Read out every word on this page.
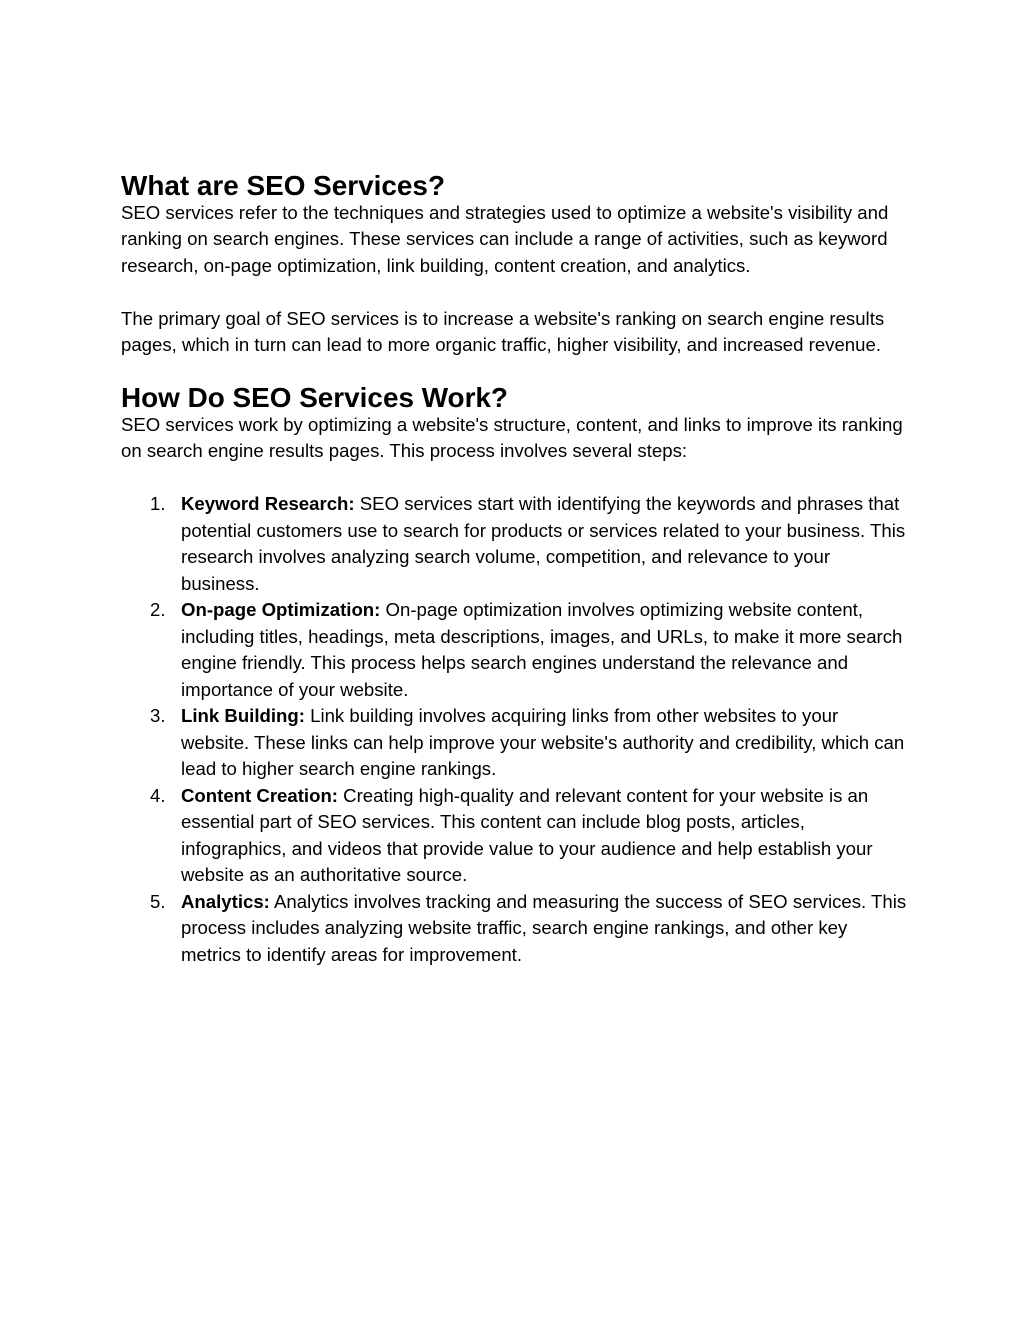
What are SEO Services?

SEO services refer to the techniques and strategies used to optimize a website's visibility and ranking on search engines. These services can include a range of activities, such as keyword research, on-page optimization, link building, content creation, and analytics.

The primary goal of SEO services is to increase a website's ranking on search engine results pages, which in turn can lead to more organic traffic, higher visibility, and increased revenue.

How Do SEO Services Work?

SEO services work by optimizing a website's structure, content, and links to improve its ranking on search engine results pages. This process involves several steps:

1. Keyword Research: SEO services start with identifying the keywords and phrases that potential customers use to search for products or services related to your business. This research involves analyzing search volume, competition, and relevance to your business.
2. On-page Optimization: On-page optimization involves optimizing website content, including titles, headings, meta descriptions, images, and URLs, to make it more search engine friendly. This process helps search engines understand the relevance and importance of your website.
3. Link Building: Link building involves acquiring links from other websites to your website. These links can help improve your website's authority and credibility, which can lead to higher search engine rankings.
4. Content Creation: Creating high-quality and relevant content for your website is an essential part of SEO services. This content can include blog posts, articles, infographics, and videos that provide value to your audience and help establish your website as an authoritative source.
5. Analytics: Analytics involves tracking and measuring the success of SEO services. This process includes analyzing website traffic, search engine rankings, and other key metrics to identify areas for improvement.
